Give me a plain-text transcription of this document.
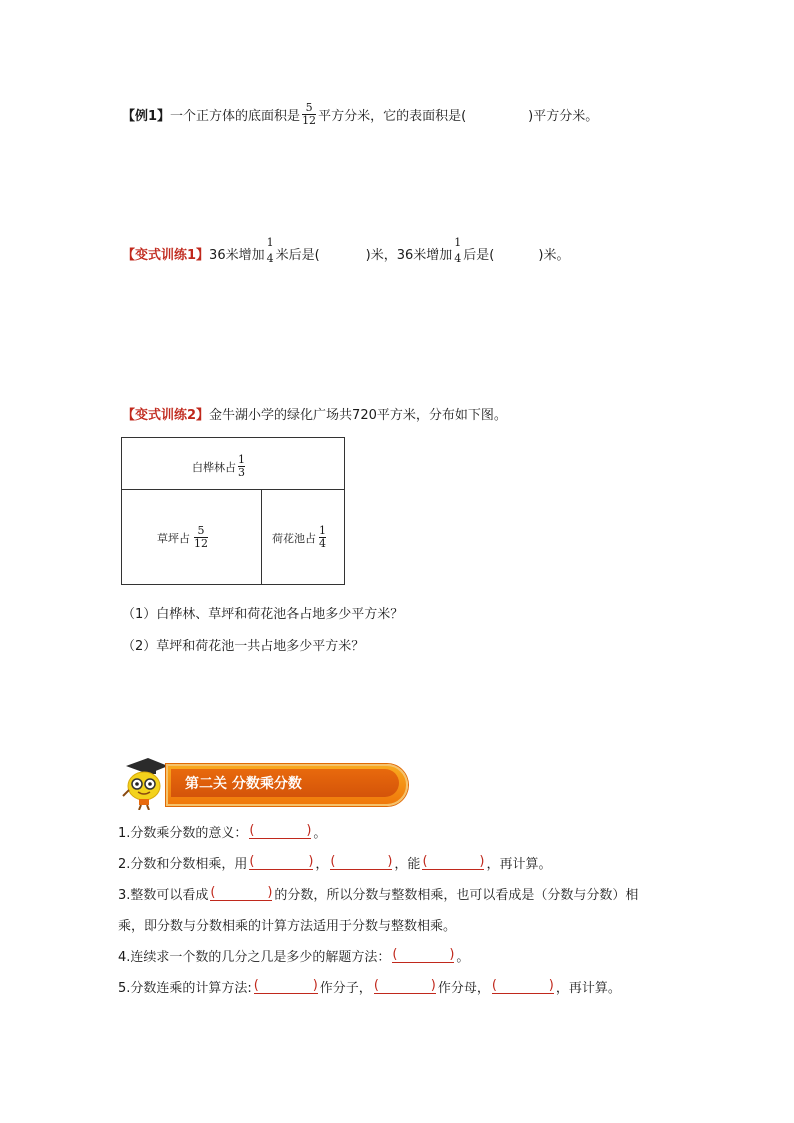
【例1】 一个正方体的底面积是 $\frac{5}{12}$ 平方分米，它的表面积是(	)平方分米。
【变式训练1】 36米增加
1
4 米后是(	)米，36米增加
1
4 后是(	)米。
【变式训练2】 金牛湖小学的绿化广场共720平方米，分布如下图。
白桦林占 $\frac{1}{3}$
草坪占 $\frac{5}{12}$	荷花池占 $\frac{1}{4}$
（1）白桦林、草坪和荷花池各占地多少平方米？
（2）草坪和荷花池一共占地多少平方米？
第二关 分数乘分数
1.分数乘分数的意义： (	) 。
2.分数和分数相乘，用 (	) ， (	) ，能 (	) ，再计算。
3.整数可以看成 (	) 的分数，所以分数与整数相乘，也可以看成是（分数与分数）相
乘，即分数与分数相乘的计算方法适用于分数与整数相乘。
4.连续求一个数的几分之几是多少的解题方法： (	) 。
5.分数连乘的计算方法: (	) 作分子， (	) 作分母， (	) ，再计算。
